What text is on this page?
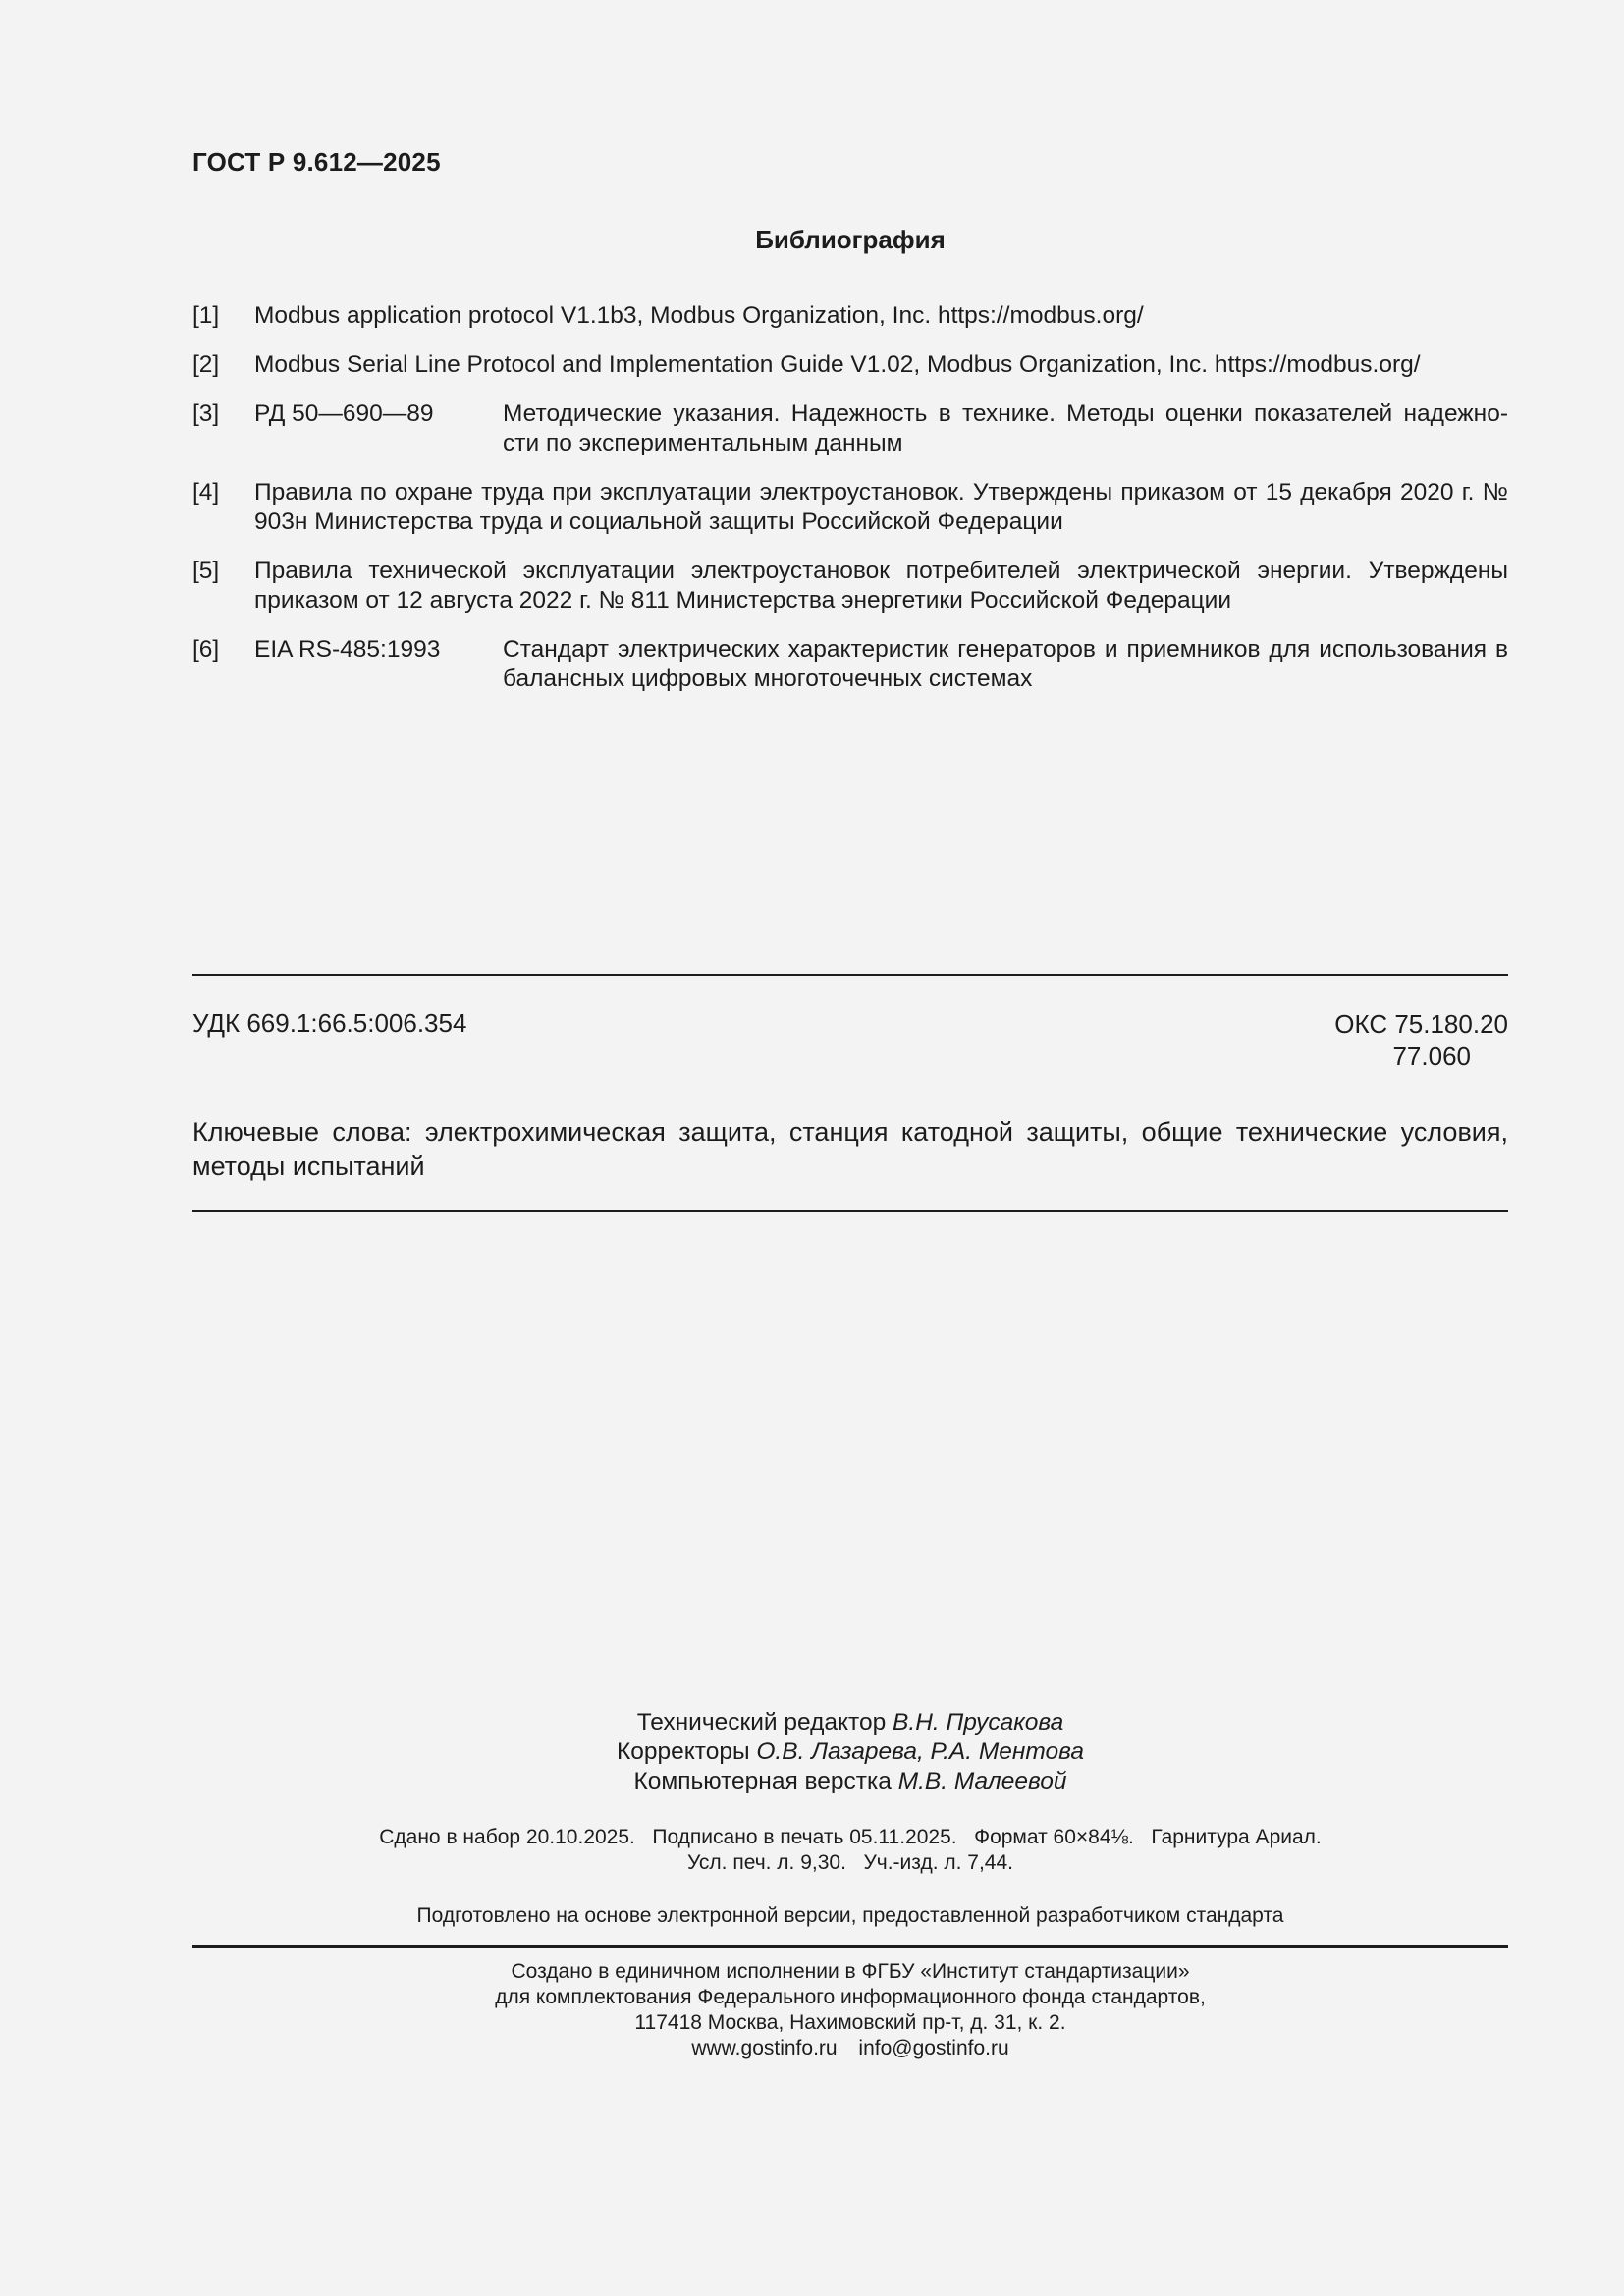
ГОСТ Р 9.612—2025
Библиография
[1] Modbus application protocol V1.1b3, Modbus Organization, Inc. https://modbus.org/
[2] Modbus Serial Line Protocol and Implementation Guide V1.02, Modbus Organization, Inc. https://modbus.org/
[3] РД 50—690—89	Методические указания. Надежность в технике. Методы оценки показателей надежно-сти по экспериментальным данным
[4] Правила по охране труда при эксплуатации электроустановок. Утверждены приказом от 15 декабря 2020 г. № 903н Министерства труда и социальной защиты Российской Федерации
[5] Правила технической эксплуатации электроустановок потребителей электрической энергии. Утверждены приказом от 12 августа 2022 г. № 811 Министерства энергетики Российской Федерации
[6] EIA RS-485:1993	Стандарт электрических характеристик генераторов и приемников для использования в балансных цифровых многоточечных системах
УДК 669.1:66.5:006.354	ОКС 75.180.20
77.060
Ключевые слова: электрохимическая защита, станция катодной защиты, общие технические условия, методы испытаний
Технический редактор В.Н. Прусакова
Корректоры О.В. Лазарева, Р.А. Ментова
Компьютерная верстка М.В. Малеевой
Сдано в набор 20.10.2025.   Подписано в печать 05.11.2025.   Формат 60×84⅛.   Гарнитура Ариал.
Усл. печ. л. 9,30.   Уч.-изд. л. 7,44.
Подготовлено на основе электронной версии, предоставленной разработчиком стандарта
Создано в единичном исполнении в ФГБУ «Институт стандартизации»
для комплектования Федерального информационного фонда стандартов,
117418 Москва, Нахимовский пр-т, д. 31, к. 2.
www.gostinfo.ru info@gostinfo.ru
